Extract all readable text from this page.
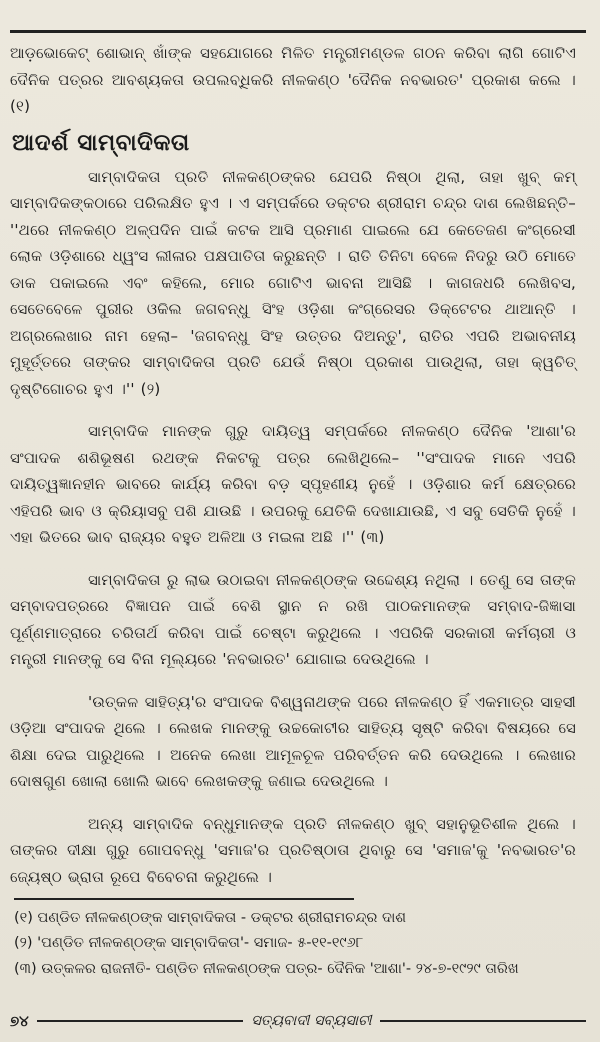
ଆଡ଼ଭୋକେଟ୍ ଶୋଭାନ୍ ଖାଁଙ୍କ ସହଯୋଗରେ ମିଳିତ ମନ୍ତ୍ରୀମଣ୍ଡଳ ଗଠନ କରିବା ଲାଗି ଗୋଟିଏ ଦୈନିକ ପତ୍ରର ଆବଶ୍ୟକତା ଉପଲବ୍ଧିକରି ନୀଳକଣ୍ଠ 'ଦୈନିକ ନବଭାରତ' ପ୍ରକାଶ କଲେ । (୧)

ଆଦର୍ଶ ସାମ୍ବାଦିକତା

ସାମ୍ବାଦିକତା ପ୍ରତି ନୀଳକଣ୍ଠଙ୍କର ଯେପରି ନିଷ୍ଠା ଥିଲା, ତାହା ଖୁବ୍ କମ୍ ସାମ୍ବାଦିକଙ୍କଠାରେ ପରିଲକ୍ଷିତ ହୁଏ । ଏ ସମ୍ପର୍କରେ ଡକ୍ଟର ଶ୍ରୀରାମ ଚନ୍ଦ୍ର ଦାଶ ଲେଖିଛନ୍ତି– ''ଥରେ ନୀଳକଣ୍ଠ ଅଳ୍ପଦିନ ପାଇଁ କଟକ ଆସି ପ୍ରମାଣ ପାଇଲେ ଯେ କେତେଜଣ କଂଗ୍ରେସୀ ଲୋକ ଓଡ଼ିଶାରେ ଧ୍ୱଂସ ଲୀଳାର ପକ୍ଷପାତିତା କରୁଛନ୍ତି । ରାତି ତିନିଟା ବେଳେ ନିଦରୁ ଉଠି ମୋତେ ଡାକ ପକାଇଲେ ଏବଂ କହିଲେ, ମୋର ଗୋଟିଏ ଭାବନା ଆସିଛି । କାଗଜଧରି ଲେଖିବସ, ସେତେବେଳେ ପୁରୀର ଓକିଲ ଜଗବନ୍ଧୁ ସିଂହ ଓଡ଼ିଶା କଂଗ୍ରେସର ଡିକ୍ଟେଟର ଥାଆନ୍ତି । ଅଗ୍ରଲେଖାର ନାମ ହେଲା– 'ଜଗବନ୍ଧୁ ସିଂହ ଉତ୍ତର ଦିଅନ୍ତୁ', ରାତିର ଏପରି ଅଭାବନୀୟ ମୁହୂର୍ତ୍ତରେ ତାଙ୍କର ସାମ୍ବାଦିକତା ପ୍ରତି ଯେଉଁ ନିଷ୍ଠା ପ୍ରକାଶ ପାଉଥିଲା, ତାହା କ୍ୱଚିତ୍ ଦୃଷ୍ଟିଗୋଚର ହୁଏ ।'' (୨)

ସାମ୍ବାଦିକ ମାନଙ୍କ ଗୁରୁ ଦାୟିତ୍ୱ ସମ୍ପର୍କରେ ନୀଳକଣ୍ଠ ଦୈନିକ 'ଆଶା'ର ସଂପାଦକ ଶଶିଭୂଷଣ ରଥଙ୍କ ନିକଟକୁ ପତ୍ର ଲେଖିଥିଲେ– ''ସଂପାଦକ ମାନେ ଏପରି ଦାୟିତ୍ୱଜ୍ଞାନହୀନ ଭାବରେ କାର୍ଯ୍ୟ କରିବା ବଡ଼ ସ୍ପୃହଣୀୟ ନୁହେଁ । ଓଡ଼ିଶାର କର୍ମ କ୍ଷେତ୍ରରେ ଏହିପରି ଭାବ ଓ କ୍ରିୟାସବୁ ପଶି ଯାଉଛି । ଉପରକୁ ଯେତିକି ଦେଖାଯାଉଛି, ଏ ସବୁ ସେତିକି ନୁହେଁ । ଏହା ଭିତରେ ଭାବ ରାଜ୍ୟର ବହୁତ ଅଳିଆ ଓ ମଇଳା ଅଛି ।'' (୩)

ସାମ୍ବାଦିକତା ରୁ ଲାଭ ଉଠାଇବା ନୀଳକଣ୍ଠଙ୍କ ଉଦ୍ଦେଶ୍ୟ ନଥିଲା । ତେଣୁ ସେ ତାଙ୍କ ସମ୍ବାଦପତ୍ରରେ ବିଜ୍ଞାପନ ପାଇଁ ବେଶି ସ୍ଥାନ ନ ରଖି ପାଠକମାନଙ୍କ ସମ୍ବାଦ-ଜିଜ୍ଞାସା ପୂର୍ଣ୍ଣମାତ୍ରାରେ ଚରିତାର୍ଥ କରିବା ପାଇଁ ଚେଷ୍ଟା କରୁଥିଲେ । ଏପରିକି ସରକାରୀ କର୍ମଚାରୀ ଓ ମନ୍ତ୍ରୀ ମାନଙ୍କୁ ସେ ବିନା ମୂଲ୍ୟରେ 'ନବଭାରତ' ଯୋଗାଇ ଦେଉଥିଲେ ।

'ଉତ୍କଳ ସାହିତ୍ୟ'ର ସଂପାଦକ ବିଶ୍ୱନାଥଙ୍କ ପରେ ନୀଳକଣ୍ଠ ହିଁ ଏକମାତ୍ର ସାହସୀ ଓଡ଼ିଆ ସଂପାଦକ ଥିଲେ । ଲେଖକ ମାନଙ୍କୁ ଉଚ୍ଚକୋଟୀର ସାହିତ୍ୟ ସୃଷ୍ଟି କରିବା ବିଷୟରେ ସେ ଶିକ୍ଷା ଦେଇ ପାରୁଥିଲେ । ଅନେକ ଲେଖା ଆମୂଳଚୂଳ ପରିବର୍ତ୍ତନ କରି ଦେଉଥିଲେ । ଲେଖାର ଦୋଷଗୁଣ ଖୋଲା ଖୋଲି ଭାବେ ଲେଖକଙ୍କୁ ଜଣାଇ ଦେଉଥିଲେ ।

ଅନ୍ୟ ସାମ୍ବାଦିକ ବନ୍ଧୁମାନଙ୍କ ପ୍ରତି ନୀଳକଣ୍ଠ ଖୁବ୍ ସହାନୁଭୂତିଶୀଳ ଥିଲେ । ତାଙ୍କର ଦୀକ୍ଷା ଗୁରୁ ଗୋପବନ୍ଧୁ 'ସମାଜ'ର ପ୍ରତିଷ୍ଠାତା ଥିବାରୁ ସେ 'ସମାଜ'କୁ 'ନବଭାରତ'ର ଜ୍ୟେଷ୍ଠ ଭ୍ରାତା ରୂପେ ବିବେଚନା କରୁଥିଲେ ।

(୧) ପଣ୍ଡିତ ନୀଳକଣ୍ଠଙ୍କ ସାମ୍ବାଦିକତା - ଡକ୍ଟର ଶ୍ରୀରାମଚନ୍ଦ୍ର ଦାଶ
(୨) 'ପଣ୍ଡିତ ନୀଳକଣ୍ଠଙ୍କ ସାମ୍ବାଦିକତା'- ସମାଜ- ୫-୧୧-୧୯୬୮
(୩) ଉତ୍କଳର ରାଜନୀତି- ପଣ୍ଡିତ ନୀଳକଣ୍ଠଙ୍କ ପତ୍ର- ଦୈନିକ 'ଆଶା'- ୨୪-୭-୧୯୨୯ ତାରିଖ
୭୪	ସତ୍ୟବାଦୀ ସବ୍ୟସାଚୀ
